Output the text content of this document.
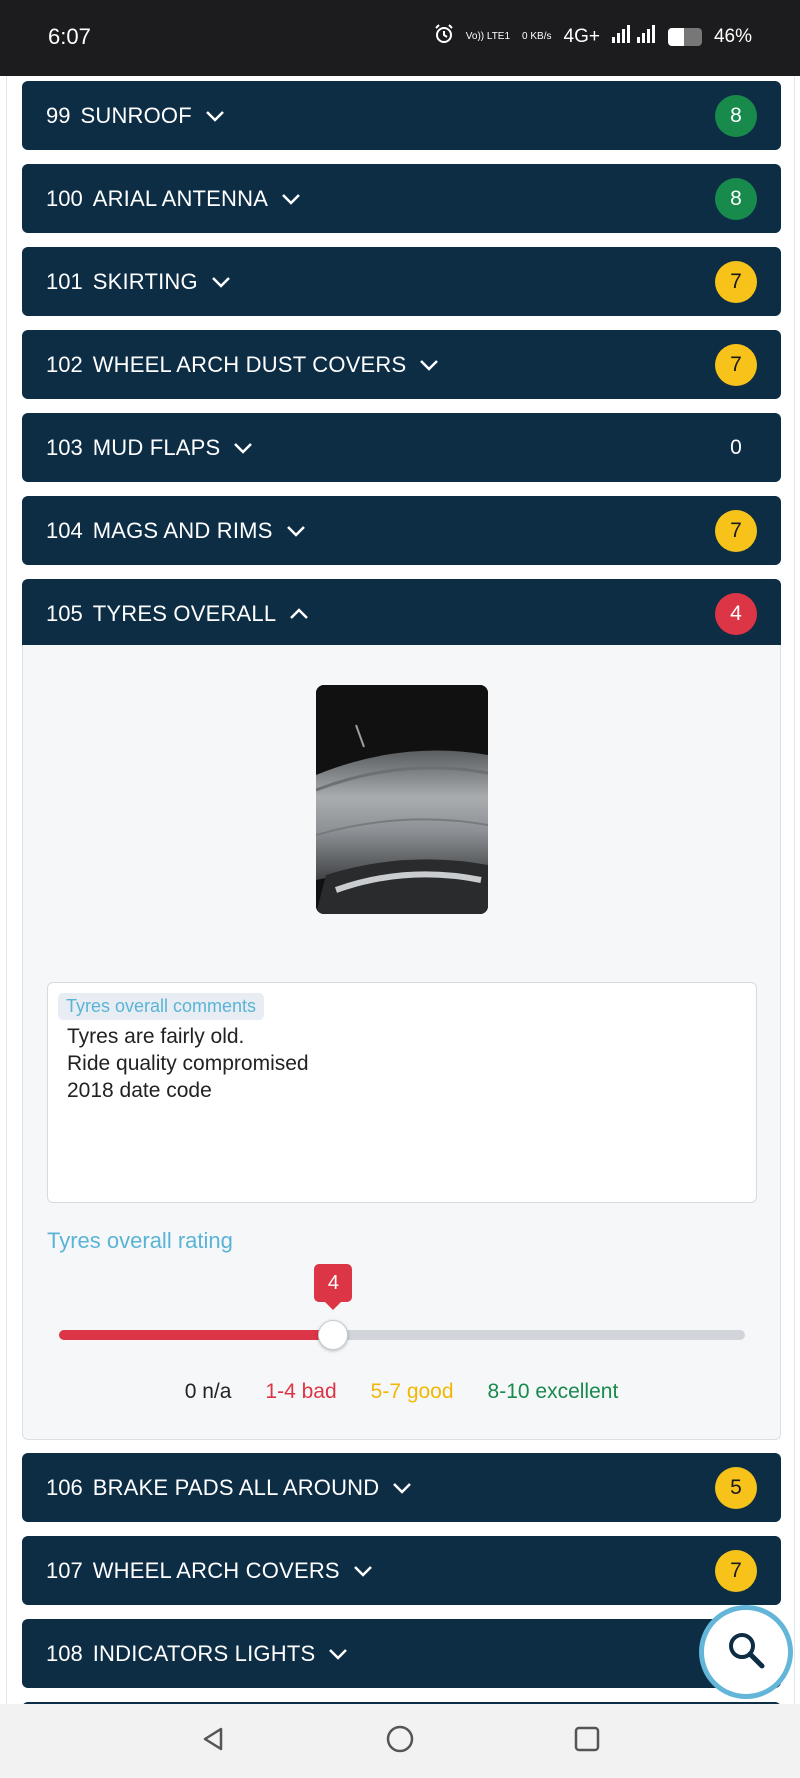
6:07	Vo)) LTE1 0 KB/s 4G+	46%
99 SUNROOF	8
100 ARIAL ANTENNA	8
101 SKIRTING	7
102 WHEEL ARCH DUST COVERS	7
103 MUD FLAPS	0
104 MAGS AND RIMS	7
105 TYRES OVERALL	4
Tyres overall comments
Tyres are fairly old.
Ride quality compromised
2018 date code
Tyres overall rating
4
0 n/a 1-4 bad 5-7 good 8-10 excellent
106 BRAKE PADS ALL AROUND	5
107 WHEEL ARCH COVERS	7
108 INDICATORS LIGHTS
